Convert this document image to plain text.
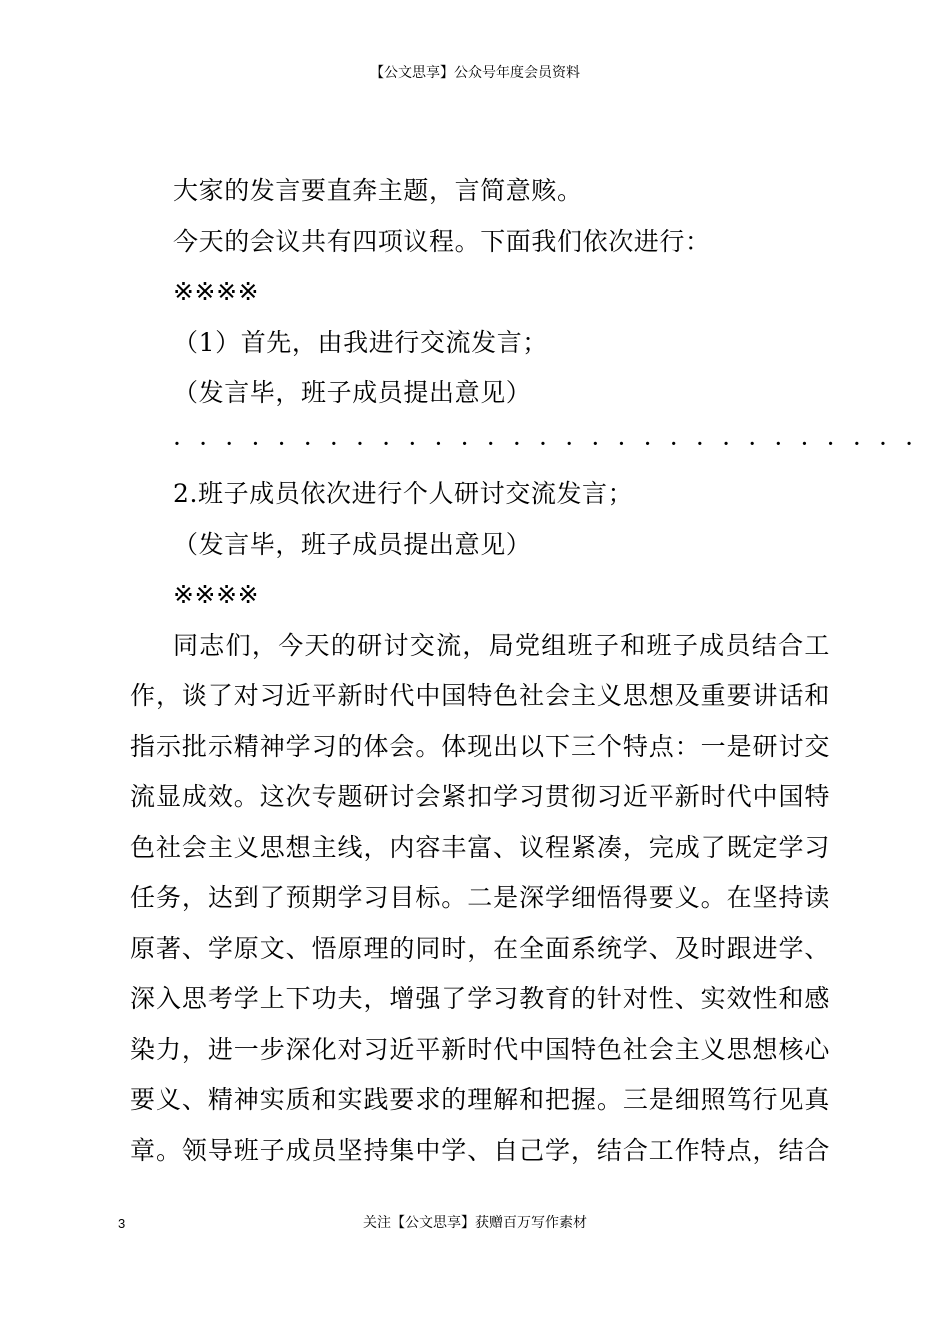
【公文思享】公众号年度会员资料
大家的发言要直奔主题，言简意赅。
今天的会议共有四项议程。下面我们依次进行：
※※※※
（1）首先，由我进行交流发言；
（发言毕，班子成员提出意见）
·····························
2.班子成员依次进行个人研讨交流发言；
（发言毕，班子成员提出意见）
※※※※
同志们，今天的研讨交流，局党组班子和班子成员结合工
作，谈了对习近平新时代中国特色社会主义思想及重要讲话和
指示批示精神学习的体会。体现出以下三个特点：一是研讨交
流显成效。这次专题研讨会紧扣学习贯彻习近平新时代中国特
色社会主义思想主线，内容丰富、议程紧凑，完成了既定学习
任务，达到了预期学习目标。二是深学细悟得要义。在坚持读
原著、学原文、悟原理的同时，在全面系统学、及时跟进学、
深入思考学上下功夫，增强了学习教育的针对性、实效性和感
染力，进一步深化对习近平新时代中国特色社会主义思想核心
要义、精神实质和实践要求的理解和把握。三是细照笃行见真
章。领导班子成员坚持集中学、自己学，结合工作特点，结合
3	关注【公文思享】获赠百万写作素材
